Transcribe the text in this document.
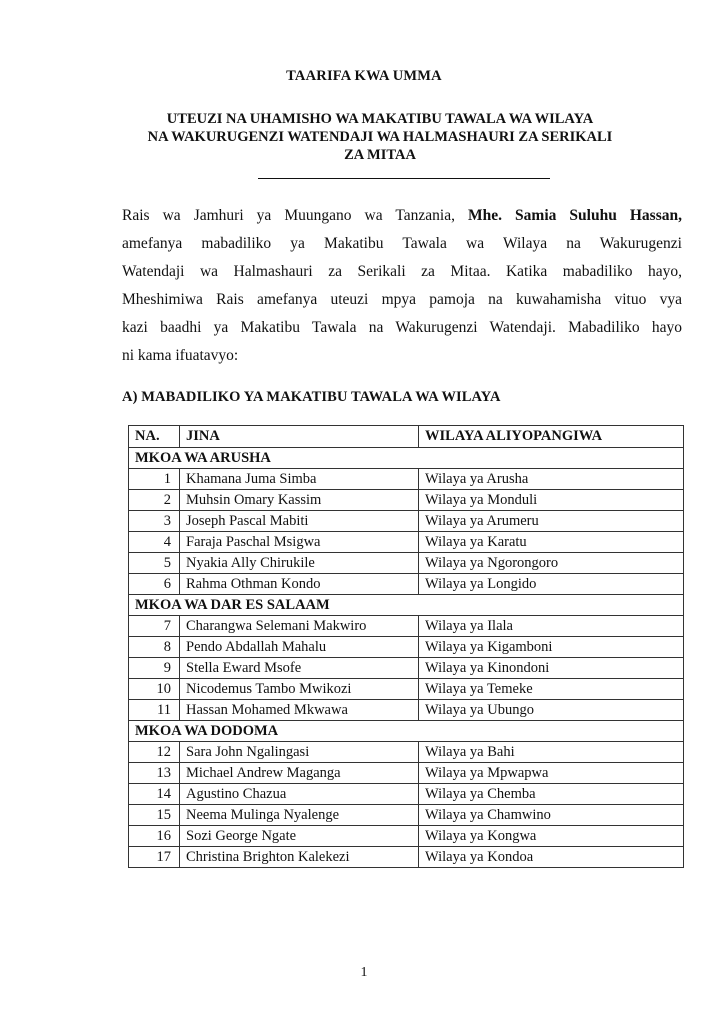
TAARIFA KWA UMMA
UTEUZI NA UHAMISHO WA MAKATIBU TAWALA WA WILAYA
NA WAKURUGENZI WATENDAJI WA HALMASHAURI ZA SERIKALI
ZA MITAA
Rais wa Jamhuri ya Muungano wa Tanzania, Mhe. Samia Suluhu Hassan,
amefanya mabadiliko ya Makatibu Tawala wa Wilaya na Wakurugenzi
Watendaji wa Halmashauri za Serikali za Mitaa. Katika mabadiliko hayo,
Mheshimiwa Rais amefanya uteuzi mpya pamoja na kuwahamisha vituo vya
kazi baadhi ya Makatibu Tawala na Wakurugenzi Watendaji. Mabadiliko hayo
ni kama ifuatavyo:
A) MABADILIKO YA MAKATIBU TAWALA WA WILAYA
NA.	JINA	WILAYA ALIYOPANGIWA
MKOA WA ARUSHA		
1	Khamana Juma Simba	Wilaya ya Arusha
2	Muhsin Omary Kassim	Wilaya ya Monduli
3	Joseph Pascal Mabiti	Wilaya ya Arumeru
4	Faraja Paschal Msigwa	Wilaya ya Karatu
5	Nyakia Ally Chirukile	Wilaya ya Ngorongoro
6	Rahma Othman Kondo	Wilaya ya Longido
MKOA WA DAR ES SALAAM		
7	Charangwa Selemani Makwiro	Wilaya ya Ilala
8	Pendo Abdallah Mahalu	Wilaya ya Kigamboni
9	Stella Eward Msofe	Wilaya ya Kinondoni
10	Nicodemus Tambo Mwikozi	Wilaya ya Temeke
11	Hassan Mohamed Mkwawa	Wilaya ya Ubungo
MKOA WA DODOMA		
12	Sara John Ngalingasi	Wilaya ya Bahi
13	Michael Andrew Maganga	Wilaya ya Mpwapwa
14	Agustino Chazua	Wilaya ya Chemba
15	Neema Mulinga Nyalenge	Wilaya ya Chamwino
16	Sozi George Ngate	Wilaya ya Kongwa
17	Christina Brighton Kalekezi	Wilaya ya Kondoa
1
